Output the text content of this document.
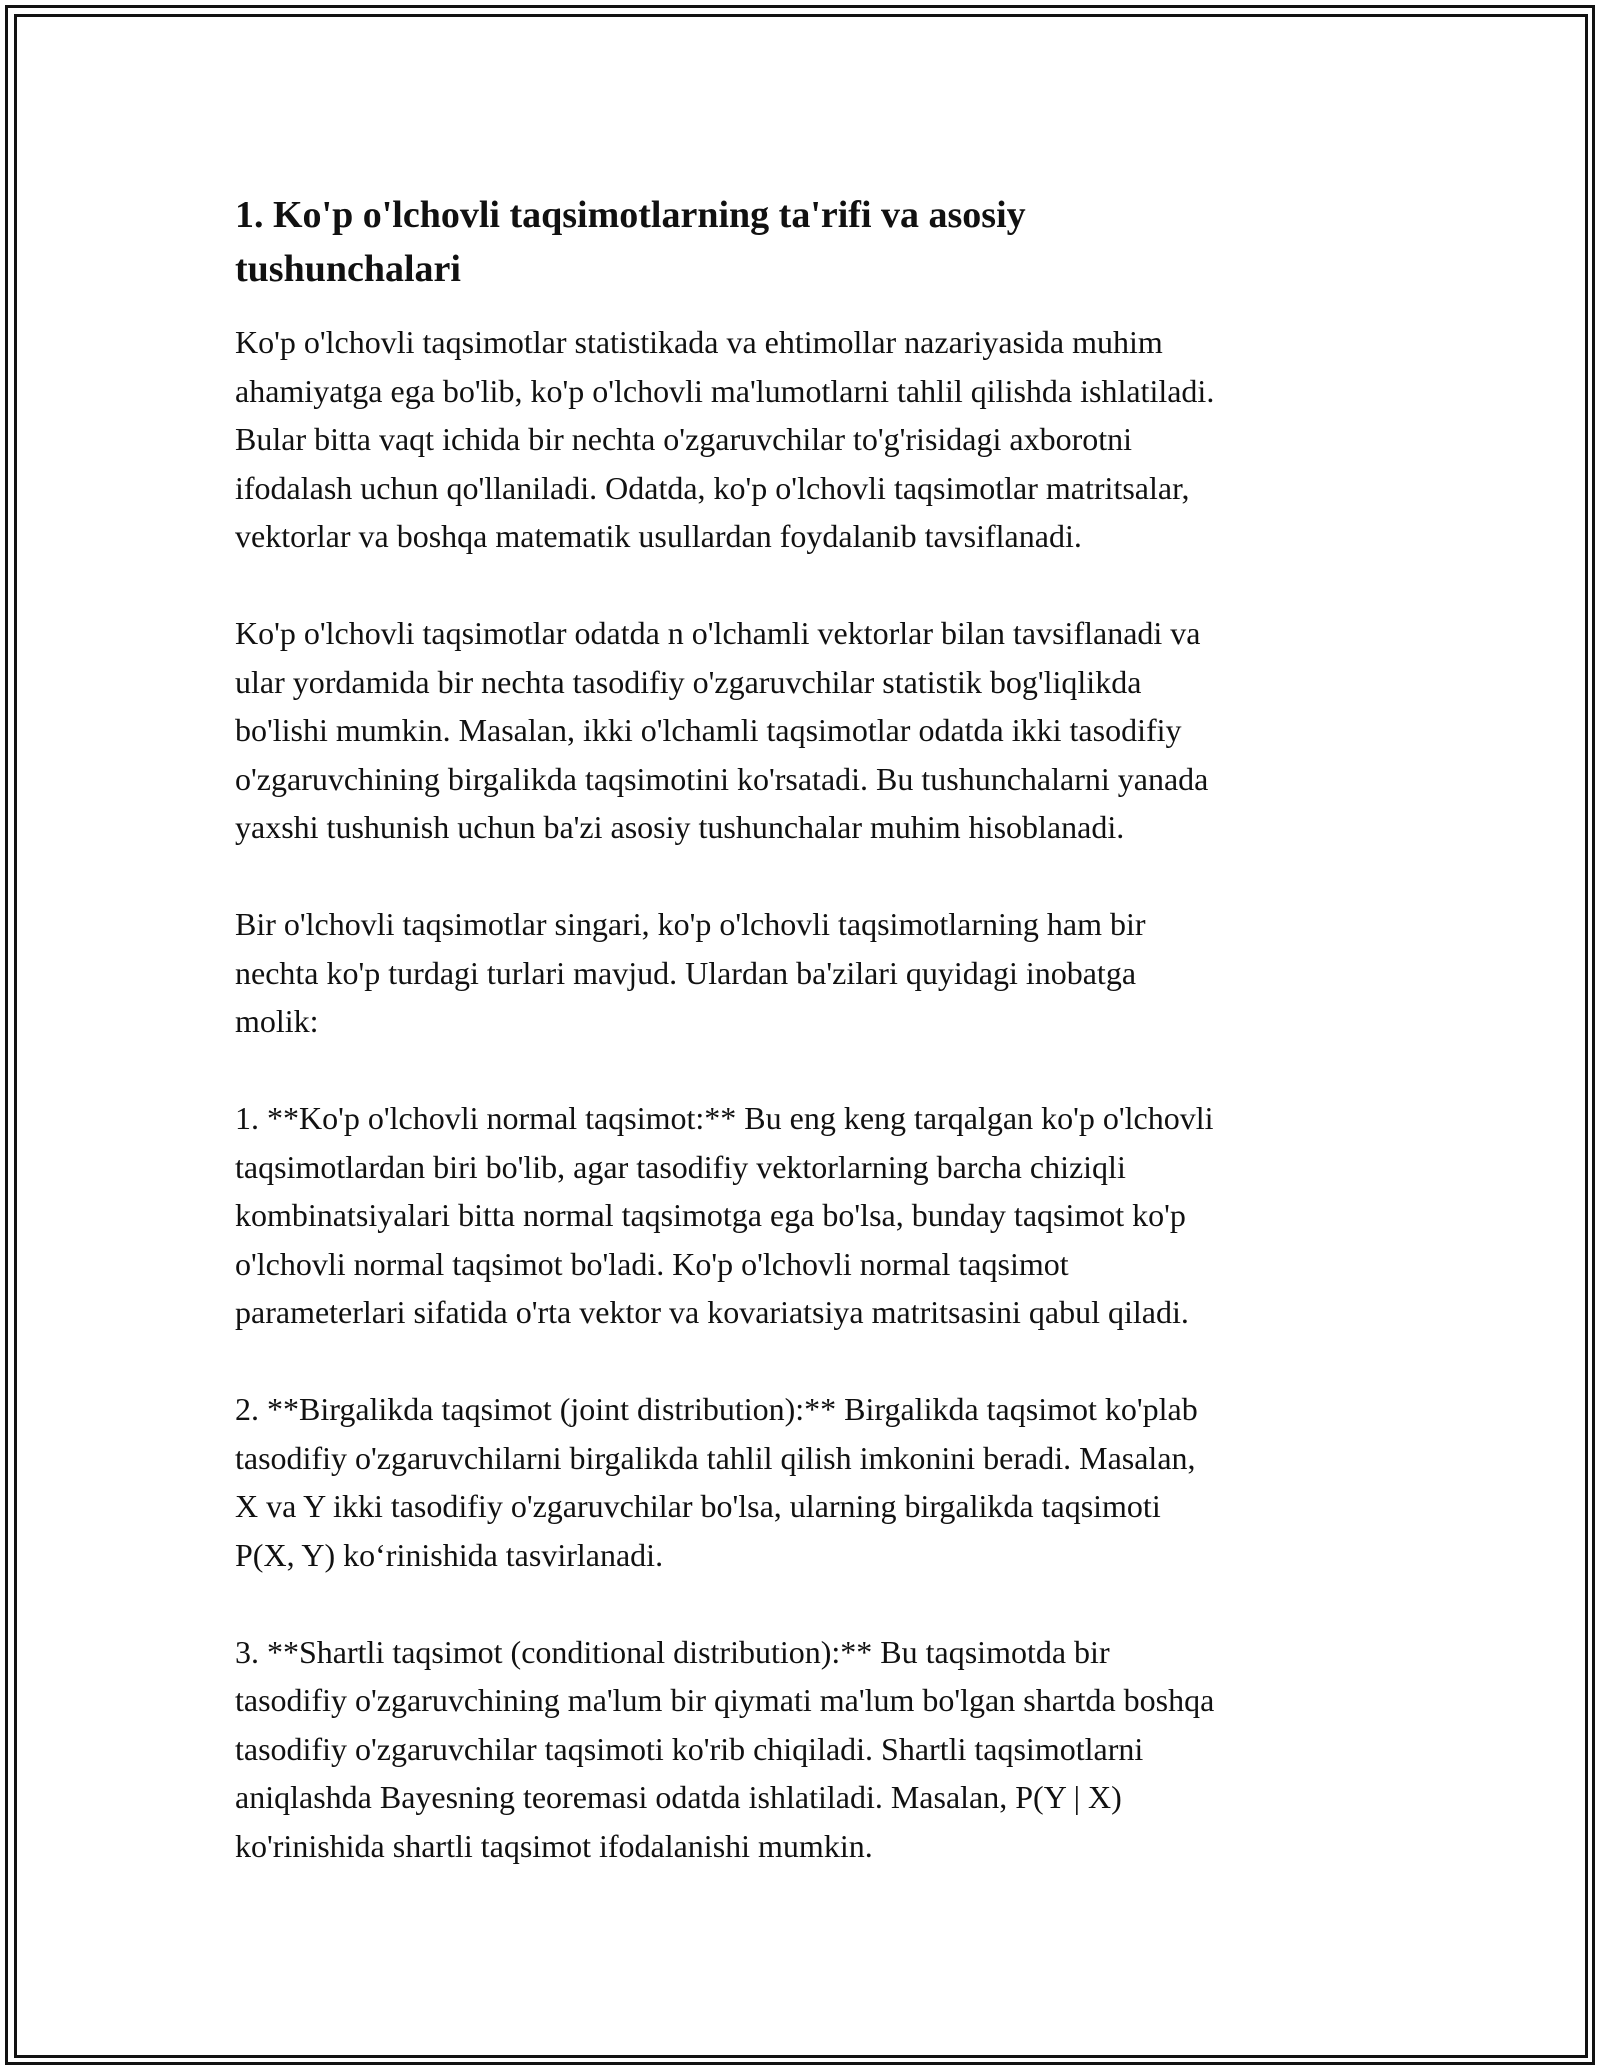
1. Ko'p o'lchovli taqsimotlarning ta'rifi va asosiy
tushunchalari

Ko'p o'lchovli taqsimotlar statistikada va ehtimollar nazariyasida muhim
ahamiyatga ega bo'lib, ko'p o'lchovli ma'lumotlarni tahlil qilishda ishlatiladi.
Bular bitta vaqt ichida bir nechta o'zgaruvchilar to'g'risidagi axborotni
ifodalash uchun qo'llaniladi. Odatda, ko'p o'lchovli taqsimotlar matritsalar,
vektorlar va boshqa matematik usullardan foydalanib tavsiflanadi.

Ko'p o'lchovli taqsimotlar odatda n o'lchamli vektorlar bilan tavsiflanadi va
ular yordamida bir nechta tasodifiy o'zgaruvchilar statistik bog'liqlikda
bo'lishi mumkin. Masalan, ikki o'lchamli taqsimotlar odatda ikki tasodifiy
o'zgaruvchining birgalikda taqsimotini ko'rsatadi. Bu tushunchalarni yanada
yaxshi tushunish uchun ba'zi asosiy tushunchalar muhim hisoblanadi.

Bir o'lchovli taqsimotlar singari, ko'p o'lchovli taqsimotlarning ham bir
nechta ko'p turdagi turlari mavjud. Ulardan ba'zilari quyidagi inobatga
molik:

1. **Ko'p o'lchovli normal taqsimot:** Bu eng keng tarqalgan ko'p o'lchovli
taqsimotlardan biri bo'lib, agar tasodifiy vektorlarning barcha chiziqli
kombinatsiyalari bitta normal taqsimotga ega bo'lsa, bunday taqsimot ko'p
o'lchovli normal taqsimot bo'ladi. Ko'p o'lchovli normal taqsimot
parameterlari sifatida o'rta vektor va kovariatsiya matritsasini qabul qiladi.

2. **Birgalikda taqsimot (joint distribution):** Birgalikda taqsimot ko'plab
tasodifiy o'zgaruvchilarni birgalikda tahlil qilish imkonini beradi. Masalan,
X va Y ikki tasodifiy o'zgaruvchilar bo'lsa, ularning birgalikda taqsimoti
P(X, Y) ko‘rinishida tasvirlanadi.

3. **Shartli taqsimot (conditional distribution):** Bu taqsimotda bir
tasodifiy o'zgaruvchining ma'lum bir qiymati ma'lum bo'lgan shartda boshqa
tasodifiy o'zgaruvchilar taqsimoti ko'rib chiqiladi. Shartli taqsimotlarni
aniqlashda Bayesning teoremasi odatda ishlatiladi. Masalan, P(Y | X)
ko'rinishida shartli taqsimot ifodalanishi mumkin.
